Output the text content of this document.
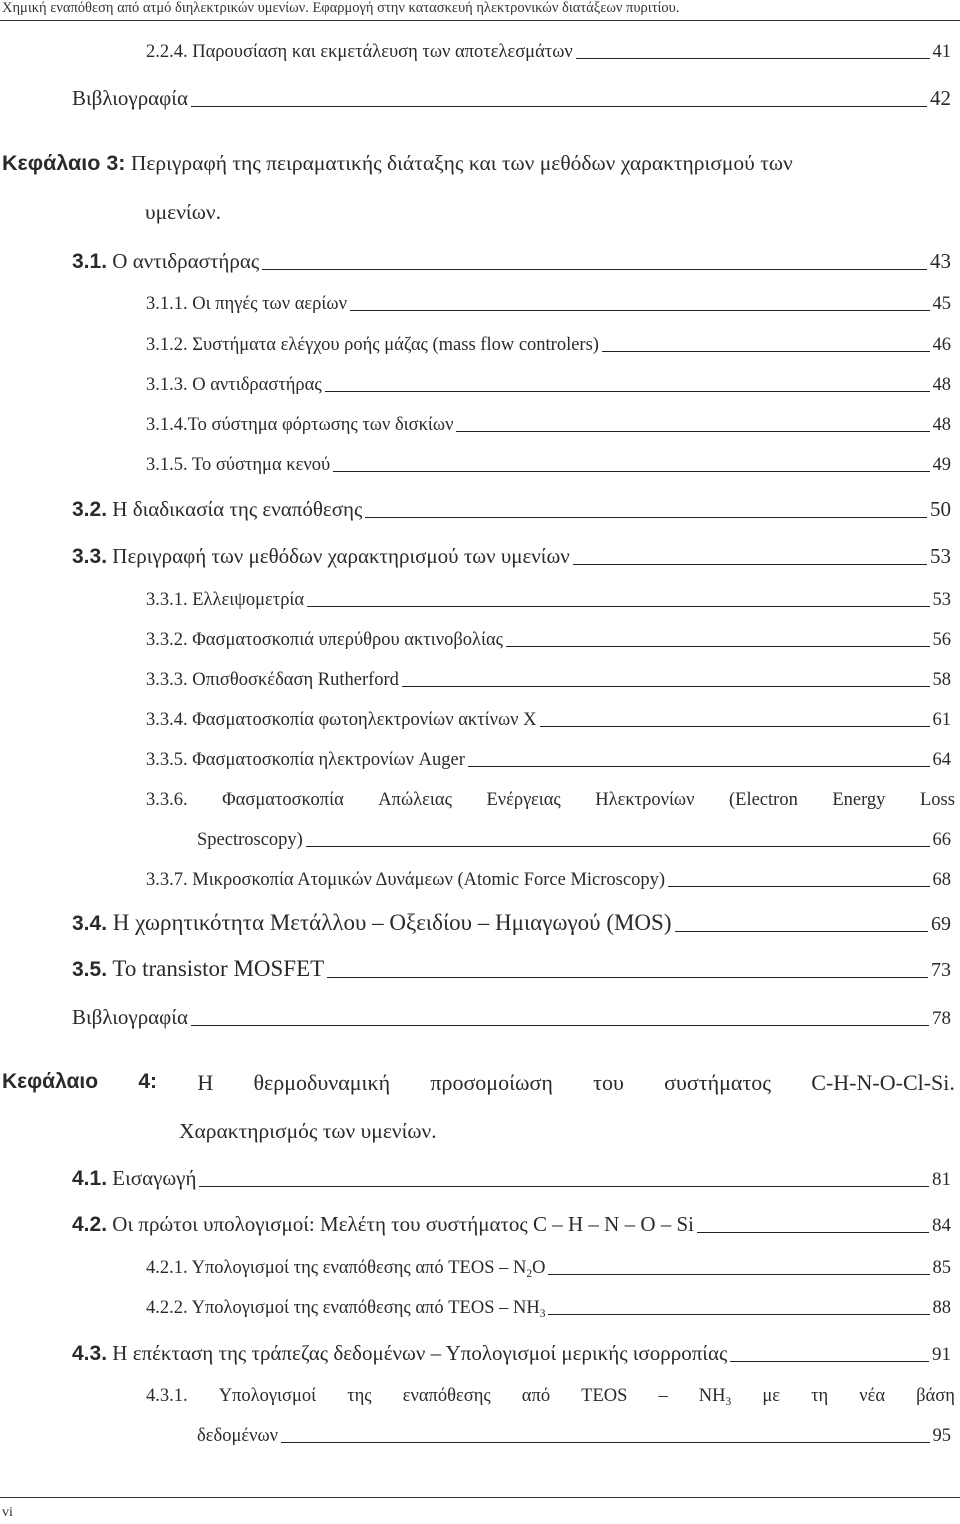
Χημική εναπόθεση από ατμό διηλεκτρικών υμενίων. Εφαρμογή στην κατασκευή ηλεκτρονικών διατάξεων πυριτίου.
2.2.4. Παρουσίαση και εκμετάλευση των αποτελεσμάτων	41
Βιβλιογραφία	42
Κεφάλαιο 3: Περιγραφή της πειραματικής διάταξης και των μεθόδων χαρακτηρισμού των
υμενίων.
3.1. Ο αντιδραστήρας	43
3.1.1. Οι πηγές των αερίων	45
3.1.2. Συστήματα ελέγχου ροής μάζας (mass flow controlers)	46
3.1.3. Ο αντιδραστήρας	48
3.1.4.Το σύστημα φόρτωσης των δισκίων	48
3.1.5. Το σύστημα κενού	49
3.2. Η διαδικασία της εναπόθεσης	50
3.3. Περιγραφή των μεθόδων χαρακτηρισμού των υμενίων	53
3.3.1. Ελλειψομετρία	53
3.3.2. Φασματοσκοπιά υπερύθρου ακτινοβολίας	56
3.3.3. Οπισθοσκέδαση Rutherford	58
3.3.4. Φασματοσκοπία φωτοηλεκτρονίων ακτίνων X	61
3.3.5. Φασματοσκοπία ηλεκτρονίων Auger	64
3.3.6. Φασματοσκοπία Απώλειας Ενέργειας Ηλεκτρονίων (Electron Energy Loss
Spectroscopy)	66
3.3.7. Μικροσκοπία Ατομικών Δυνάμεων (Atomic Force Microscopy)	68
3.4. Η χωρητικότητα Μετάλλου – Οξειδίου – Ημιαγωγού (MOS)	69
3.5. Το transistor MOSFET	73
Βιβλιογραφία	78
Κεφάλαιο 4: Η θερμοδυναμική προσομοίωση του συστήματος C-H-N-O-Cl-Si.
Χαρακτηρισμός των υμενίων.
4.1. Εισαγωγή	81
4.2. Οι πρώτοι υπολογισμοί: Μελέτη του συστήματος C – H – N – O – Si	84
4.2.1. Υπολογισμοί της εναπόθεσης από TEOS – $N_2O$	85
4.2.2. Υπολογισμοί της εναπόθεσης από TEOS – $NH_3$	88
4.3. Η επέκταση της τράπεζας δεδομένων – Υπολογισμοί μερικής ισορροπίας	91
4.3.1. Υπολογισμοί της εναπόθεσης από TEOS – $NH_3$ με τη νέα βάση
δεδομένων	95
vi
